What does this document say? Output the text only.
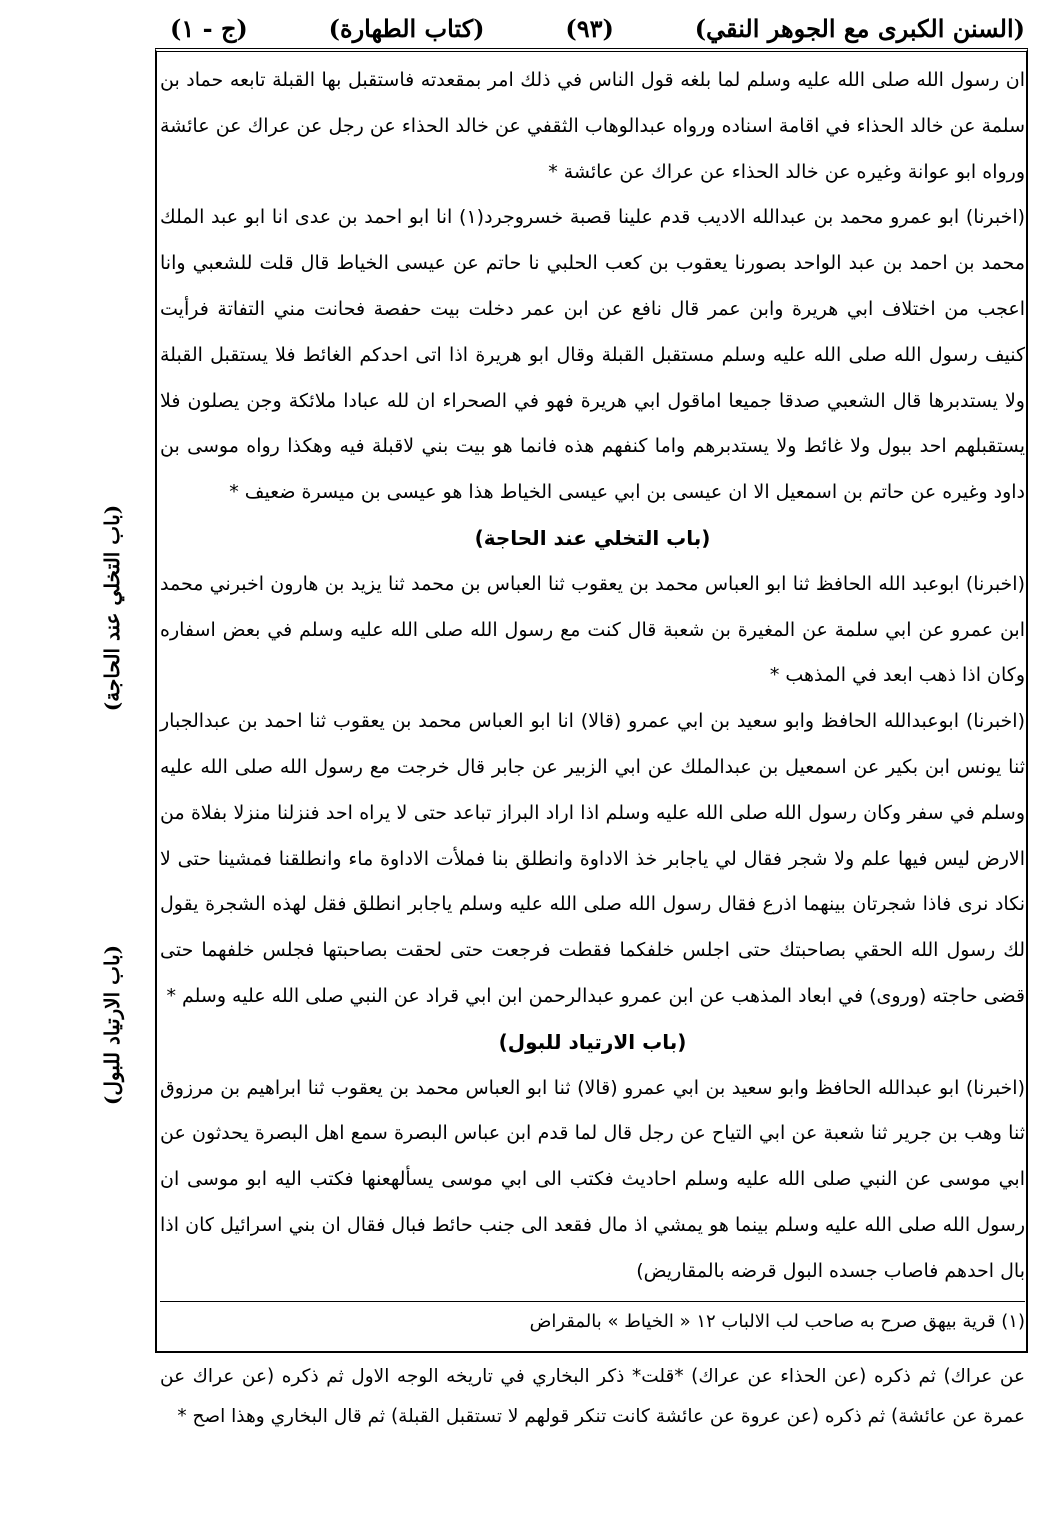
(السنن الكبرى مع الجوهر النقي)
(٩٣)
(كتاب الطهارة)
(ج - ١)
(باب التخلي عند الحاجة)
(باب الارتياد للبول)

ان رسول الله صلى الله عليه وسلم لما بلغه قول الناس في ذلك امر بمقعدته فاستقبل بها القبلة تابعه حماد بن سلمة عن خالد الحذاء في اقامة اسناده ورواه عبدالوهاب الثقفي عن خالد الحذاء عن رجل عن عراك عن عائشة ورواه ابو عوانة وغيره عن خالد الحذاء عن عراك عن عائشة *

(اخبرنا) ابو عمرو محمد بن عبدالله الاديب قدم علينا قصبة خسروجرد(١) انا ابو احمد بن عدى انا ابو عبد الملك محمد بن احمد بن عبد الواحد بصورنا يعقوب بن كعب الحلبي نا حاتم عن عيسى الخياط قال قلت للشعبي وانا اعجب من اختلاف ابي هريرة وابن عمر قال نافع عن ابن عمر دخلت بيت حفصة فحانت مني التفاتة فرأيت كنيف رسول الله صلى الله عليه وسلم مستقبل القبلة وقال ابو هريرة اذا اتى احدكم الغائط فلا يستقبل القبلة ولا يستدبرها قال الشعبي صدقا جميعا اماقول ابي هريرة فهو في الصحراء ان لله عبادا ملائكة وجن يصلون فلا يستقبلهم احد ببول ولا غائط ولا يستدبرهم واما كنفهم هذه فانما هو بيت بني لاقبلة فيه وهكذا رواه موسى بن داود وغيره عن حاتم بن اسمعيل الا ان عيسى بن ابي عيسى الخياط هذا هو عيسى بن ميسرة ضعيف *

(باب التخلي عند الحاجة)

(اخبرنا) ابوعبد الله الحافظ ثنا ابو العباس محمد بن يعقوب ثنا العباس بن محمد ثنا يزيد بن هارون اخبرني محمد ابن عمرو عن ابي سلمة عن المغيرة بن شعبة قال كنت مع رسول الله صلى الله عليه وسلم في بعض اسفاره وكان اذا ذهب ابعد في المذهب *

(اخبرنا) ابوعبدالله الحافظ وابو سعيد بن ابي عمرو (قالا) انا ابو العباس محمد بن يعقوب ثنا احمد بن عبدالجبار ثنا يونس ابن بكير عن اسمعيل بن عبدالملك عن ابي الزبير عن جابر قال خرجت مع رسول الله صلى الله عليه وسلم في سفر وكان رسول الله صلى الله عليه وسلم اذا اراد البراز تباعد حتى لا يراه احد فنزلنا منزلا بفلاة من الارض ليس فيها علم ولا شجر فقال لي ياجابر خذ الاداوة وانطلق بنا فملأت الاداوة ماء وانطلقنا فمشينا حتى لا نكاد نرى فاذا شجرتان بينهما اذرع فقال رسول الله صلى الله عليه وسلم ياجابر انطلق فقل لهذه الشجرة يقول لك رسول الله الحقي بصاحبتك حتى اجلس خلفكما فقطت فرجعت حتى لحقت بصاحبتها فجلس خلفهما حتى قضى حاجته (وروى) في ابعاد المذهب عن ابن عمرو عبدالرحمن ابن ابي قراد عن النبي صلى الله عليه وسلم *

(باب الارتياد للبول)

(اخبرنا) ابو عبدالله الحافظ وابو سعيد بن ابي عمرو (قالا) ثنا ابو العباس محمد بن يعقوب ثنا ابراهيم بن مرزوق ثنا وهب بن جرير ثنا شعبة عن ابي التياح عن رجل قال لما قدم ابن عباس البصرة سمع اهل البصرة يحدثون عن ابي موسى عن النبي صلى الله عليه وسلم احاديث فكتب الى ابي موسى يسألهعنها فكتب اليه ابو موسى ان رسول الله صلى الله عليه وسلم بينما هو يمشي اذ مال فقعد الى جنب حائط فبال فقال ان بني اسرائيل كان اذا بال احدهم فاصاب جسده البول قرضه بالمقاريض)

(١) قرية بيهق صرح به صاحب لب الالباب ١٢ « الخياط » بالمقراض

عن عراك) ثم ذكره (عن الحذاء عن عراك) *قلت* ذكر البخاري في تاريخه الوجه الاول ثم ذكره (عن عراك عن عمرة عن عائشة) ثم ذكره (عن عروة عن عائشة كانت تنكر قولهم لا تستقبل القبلة) ثم قال البخاري وهذا اصح *
